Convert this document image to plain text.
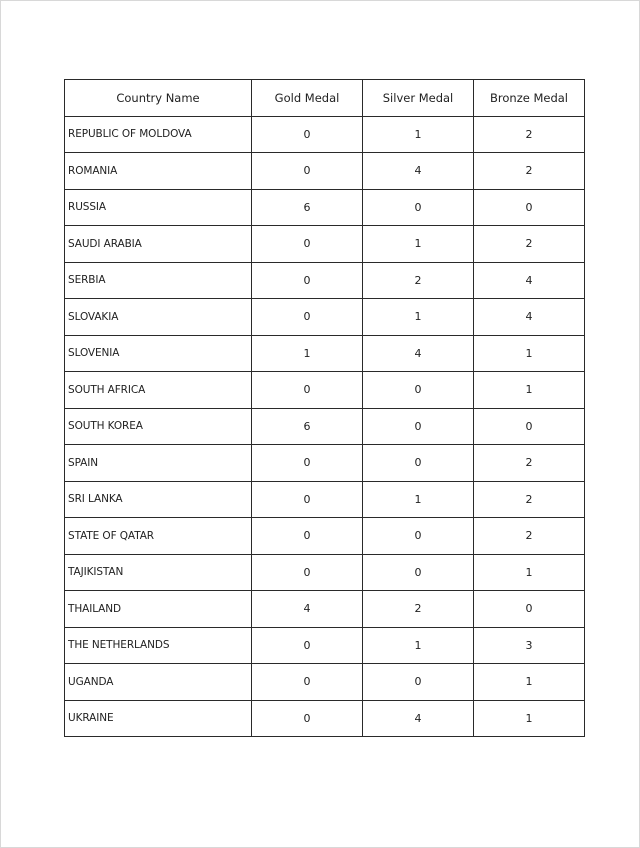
Country Name	Gold Medal	Silver Medal	Bronze Medal
REPUBLIC OF MOLDOVA	0	1	2
ROMANIA	0	4	2
RUSSIA	6	0	0
SAUDI ARABIA	0	1	2
SERBIA	0	2	4
SLOVAKIA	0	1	4
SLOVENIA	1	4	1
SOUTH AFRICA	0	0	1
SOUTH KOREA	6	0	0
SPAIN	0	0	2
SRI LANKA	0	1	2
STATE OF QATAR	0	0	2
TAJIKISTAN	0	0	1
THAILAND	4	2	0
THE NETHERLANDS	0	1	3
UGANDA	0	0	1
UKRAINE	0	4	1
